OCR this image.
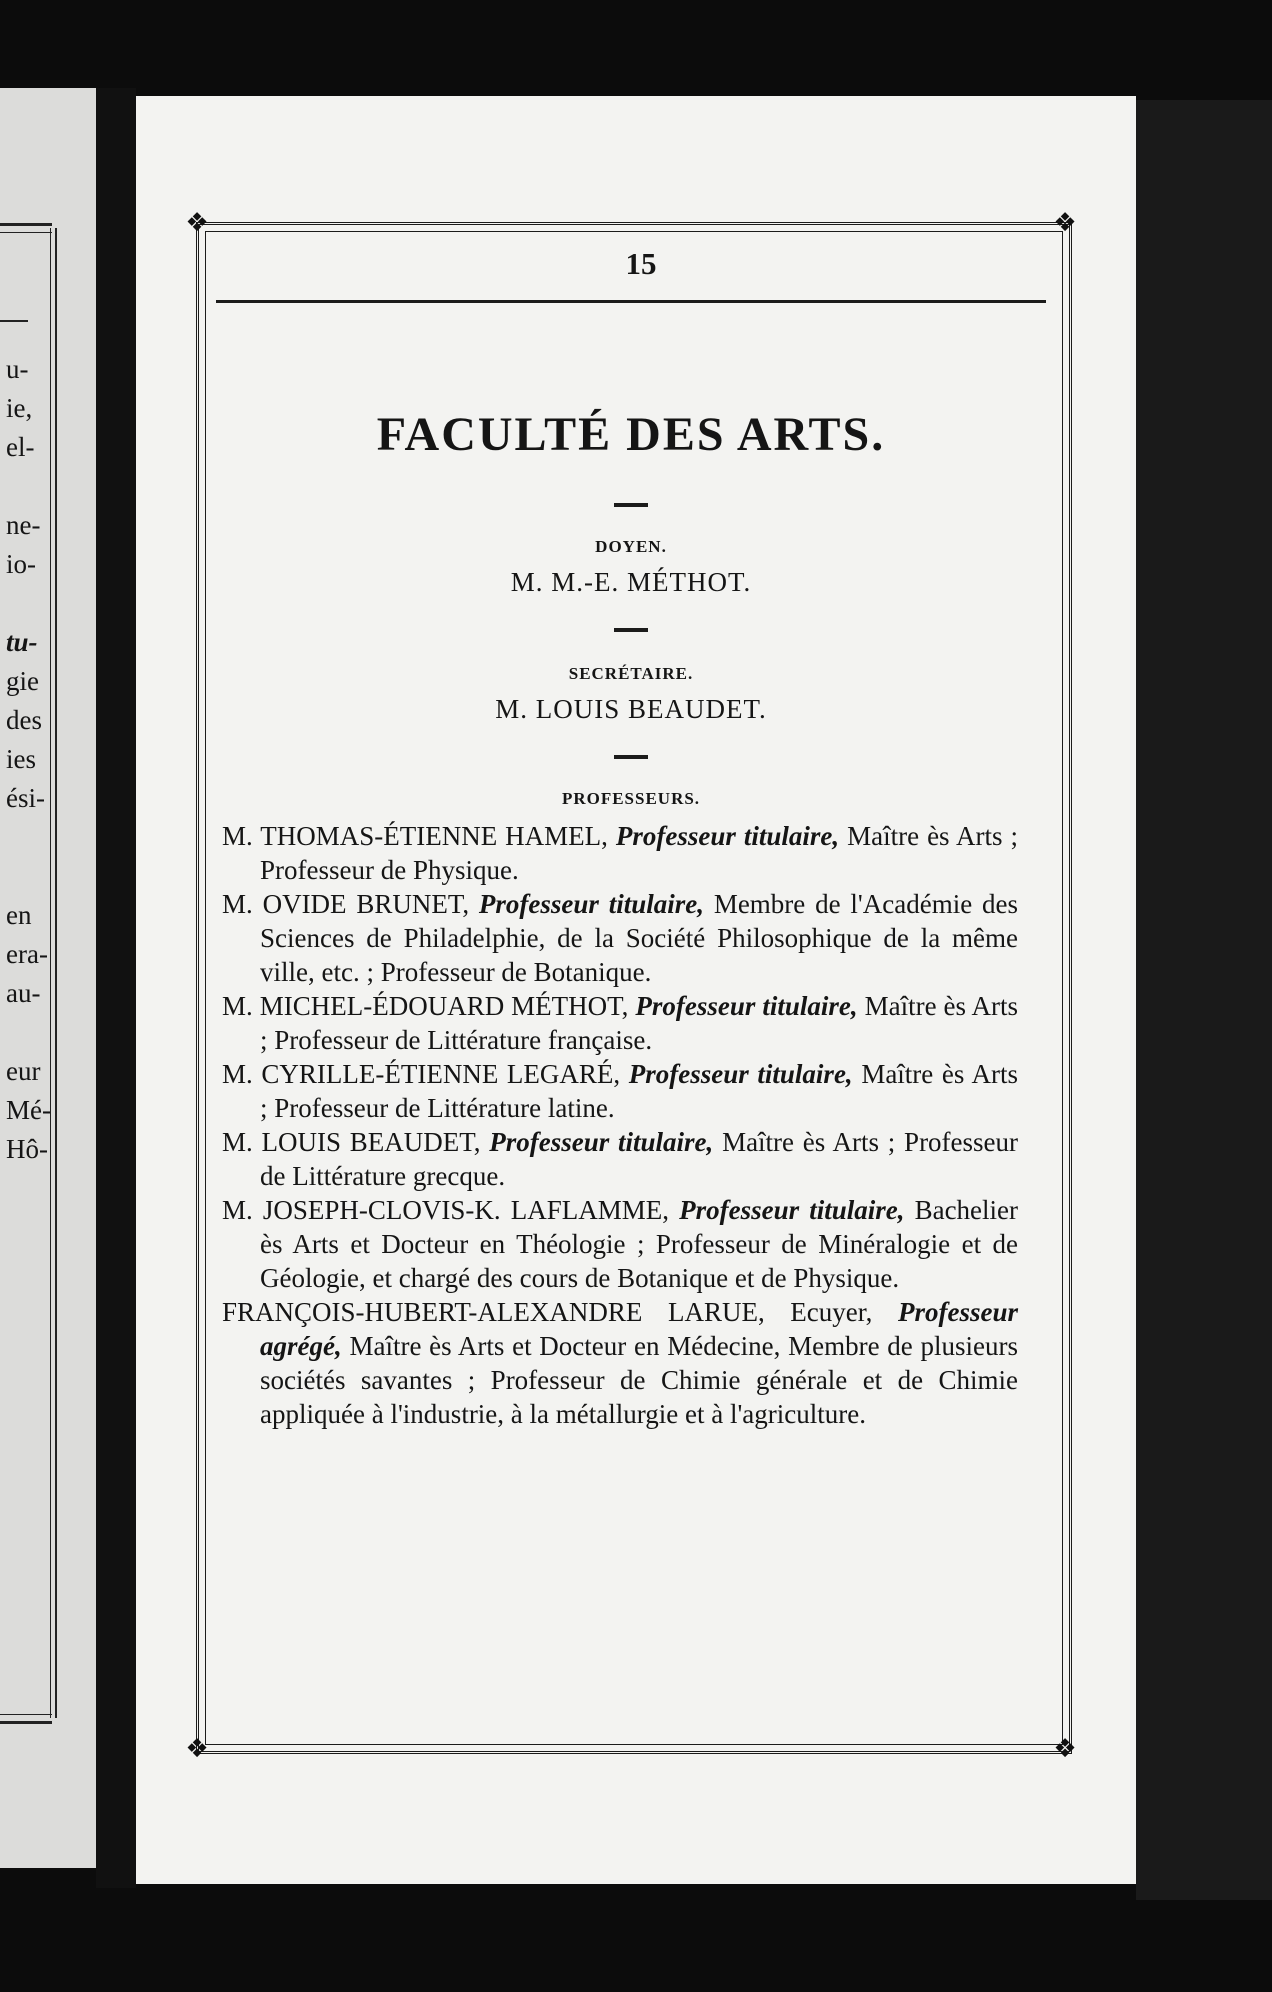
u-
ie,
el-
ne-
io-
tu-
gie
des
ies
ési-
en
era-
au-
eur
Mé-
Hô-
❖	❖
❖	❖
15
FACULTÉ DES ARTS.
DOYEN.
M. M.-E. MÉTHOT.
SECRÉTAIRE.
M. LOUIS BEAUDET.
PROFESSEURS.
M. THOMAS-ÉTIENNE HAMEL, Professeur titulaire, Maître ès Arts ; Professeur de Physique.
M. OVIDE BRUNET, Professeur titulaire, Membre de l'Académie des Sciences de Philadelphie, de la Société Philosophique de la même ville, etc. ; Professeur de Botanique.
M. MICHEL-ÉDOUARD MÉTHOT, Professeur titulaire, Maître ès Arts ; Professeur de Littérature française.
M. CYRILLE-ÉTIENNE LEGARÉ, Professeur titulaire, Maître ès Arts ; Professeur de Littérature latine.
M. LOUIS BEAUDET, Professeur titulaire, Maître ès Arts ; Professeur de Littérature grecque.
M. JOSEPH-CLOVIS-K. LAFLAMME, Professeur titulaire, Bachelier ès Arts et Docteur en Théologie ; Professeur de Minéralogie et de Géologie, et chargé des cours de Botanique et de Physique.
FRANÇOIS-HUBERT-ALEXANDRE LARUE, Ecuyer, Professeur agrégé, Maître ès Arts et Docteur en Médecine, Membre de plusieurs sociétés savantes ; Professeur de Chimie générale et de Chimie appliquée à l'industrie, à la métallurgie et à l'agriculture.
